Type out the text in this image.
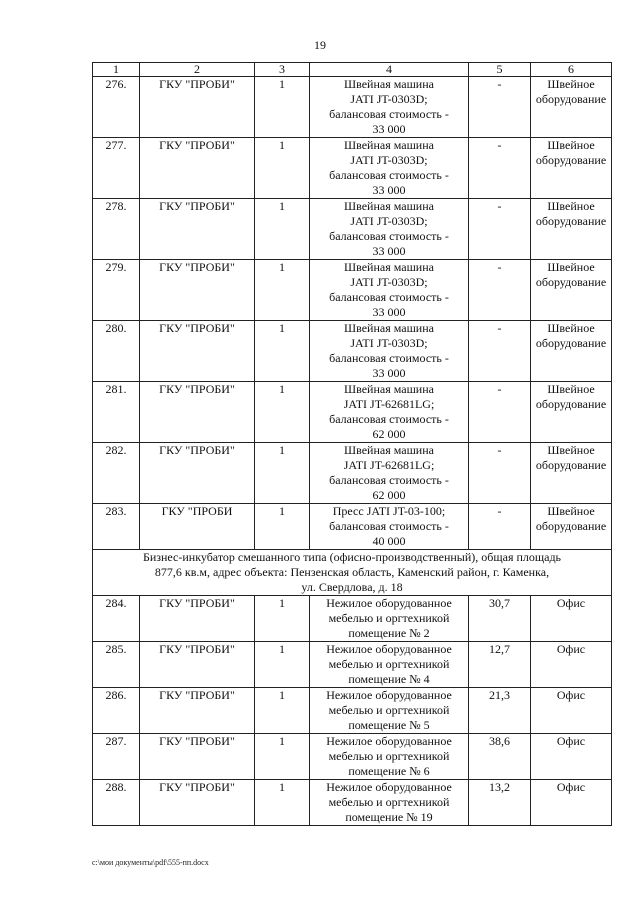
19
1	2	3	4	5	6
276.	ГКУ "ПРОБИ"	1	Швейная машина
JATI JT-0303D;
балансовая стоимость -
33 000	-	Швейное
оборудование
277.	ГКУ "ПРОБИ"	1	Швейная машина
JATI JT-0303D;
балансовая стоимость -
33 000	-	Швейное
оборудование
278.	ГКУ "ПРОБИ"	1	Швейная машина
JATI JT-0303D;
балансовая стоимость -
33 000	-	Швейное
оборудование
279.	ГКУ "ПРОБИ"	1	Швейная машина
JATI JT-0303D;
балансовая стоимость -
33 000	-	Швейное
оборудование
280.	ГКУ "ПРОБИ"	1	Швейная машина
JATI JT-0303D;
балансовая стоимость -
33 000	-	Швейное
оборудование
281.	ГКУ "ПРОБИ"	1	Швейная машина
JATI JT-62681LG;
балансовая стоимость -
62 000	-	Швейное
оборудование
282.	ГКУ "ПРОБИ"	1	Швейная машина
JATI JT-62681LG;
балансовая стоимость -
62 000	-	Швейное
оборудование
283.	ГКУ "ПРОБИ	1	Пресс JATI JT-03-100;
балансовая стоимость -
40 000	-	Швейное
оборудование
Бизнес-инкубатор смешанного типа (офисно-производственный), общая площадь
877,6 кв.м, адрес объекта: Пензенская область, Каменский район, г. Каменка,
ул. Свердлова, д. 18					
284.	ГКУ "ПРОБИ"	1	Нежилое оборудованное
мебелью и оргтехникой
помещение № 2	30,7	Офис
285.	ГКУ "ПРОБИ"	1	Нежилое оборудованное
мебелью и оргтехникой
помещение № 4	12,7	Офис
286.	ГКУ "ПРОБИ"	1	Нежилое оборудованное
мебелью и оргтехникой
помещение № 5	21,3	Офис
287.	ГКУ "ПРОБИ"	1	Нежилое оборудованное
мебелью и оргтехникой
помещение № 6	38,6	Офис
288.	ГКУ "ПРОБИ"	1	Нежилое оборудованное
мебелью и оргтехникой
помещение № 19	13,2	Офис
c:\мои документы\pdf\555-пп.docx
